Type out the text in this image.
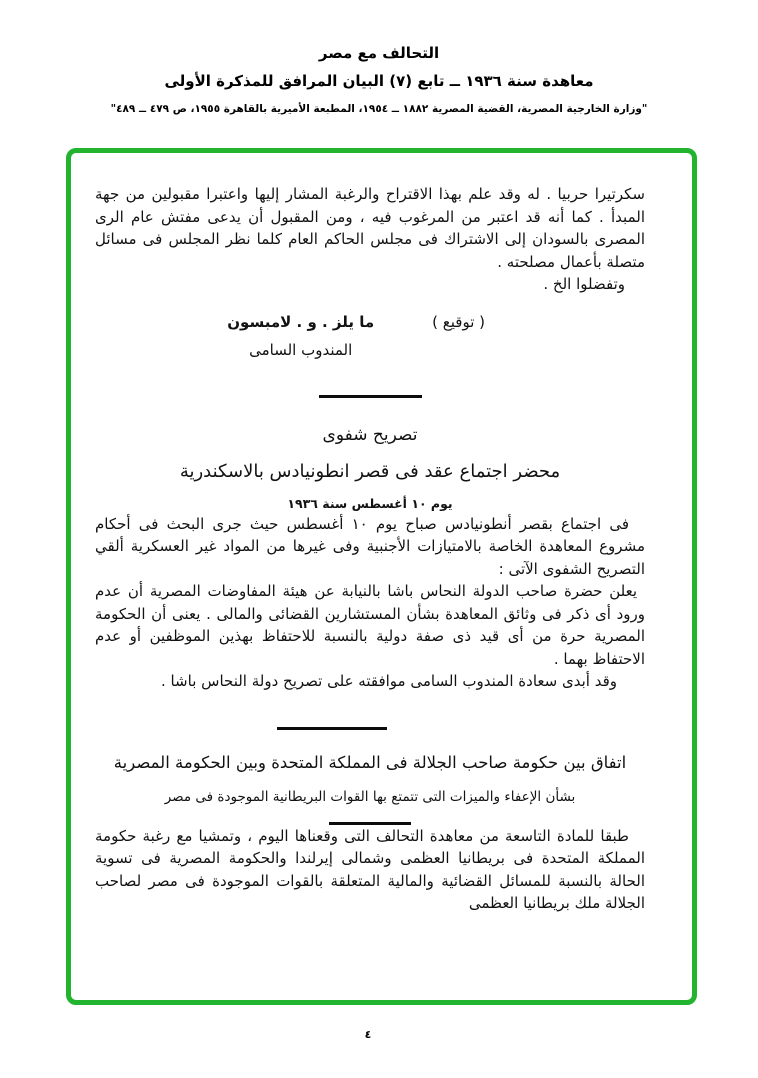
التحالف مع مصر
معاهدة سنة ١٩٣٦ ــ تابع (٧) البيان المرافق للمذكرة الأولى
"وزارة الخارجية المصرية، القضية المصرية ١٨٨٢ ــ ١٩٥٤، المطبعة الأميرية بالقاهرة ١٩٥٥، ص ٤٧٩ ــ ٤٨٩"

سكرتيرا حربيا . له وقد علم بهذا الاقتراح والرغبة المشار إليها واعتبرا مقبولين من جهة المبدأ . كما أنه قد اعتبر من المرغوب فيه ، ومن المقبول أن يدعى مفتش عام الرى المصرى بالسودان إلى الاشتراك فى مجلس الحاكم العام كلما نظر المجلس فى مسائل متصلة بأعمال مصلحته .

وتفضلوا الخ .

( توقيع )
ما يلز . و . لامبسون
المندوب السامى
تصريح شفوى
محضر اجتماع عقد فى قصر انطونيادس بالاسكندرية
يوم ١٠ أغسطس سنة ١٩٣٦

فى اجتماع بقصر أنطونيادس صباح يوم ١٠ أغسطس حيث جرى البحث فى أحكام مشروع المعاهدة الخاصة بالامتيازات الأجنبية وفى غيرها من المواد غير العسكرية ألقي التصريح الشفوى الآتى :

يعلن حضرة صاحب الدولة النحاس باشا بالنيابة عن هيئة المفاوضات المصرية أن عدم ورود أى ذكر فى وثائق المعاهدة بشأن المستشارين القضائى والمالى . يعنى أن الحكومة المصرية حرة من أى قيد ذى صفة دولية بالنسبة للاحتفاظ بهذين الموظفين أو عدم الاحتفاظ بهما .

وقد أبدى سعادة المندوب السامى موافقته على تصريح دولة النحاس باشا .

اتفاق بين حكومة صاحب الجلالة فى المملكة المتحدة وبين الحكومة المصرية
بشأن الإعفاء والميزات التى تتمتع بها القوات البريطانية الموجودة فى مصر

طبقا للمادة التاسعة من معاهدة التحالف التى وقعناها اليوم ، وتمشيا مع رغبة حكومة المملكة المتحدة فى بريطانيا العظمى وشمالى إيرلندا والحكومة المصرية فى تسوية الحالة بالنسبة للمسائل القضائية والمالية المتعلقة بالقوات الموجودة فى مصر لصاحب الجلالة ملك بريطانيا العظمى

٤
